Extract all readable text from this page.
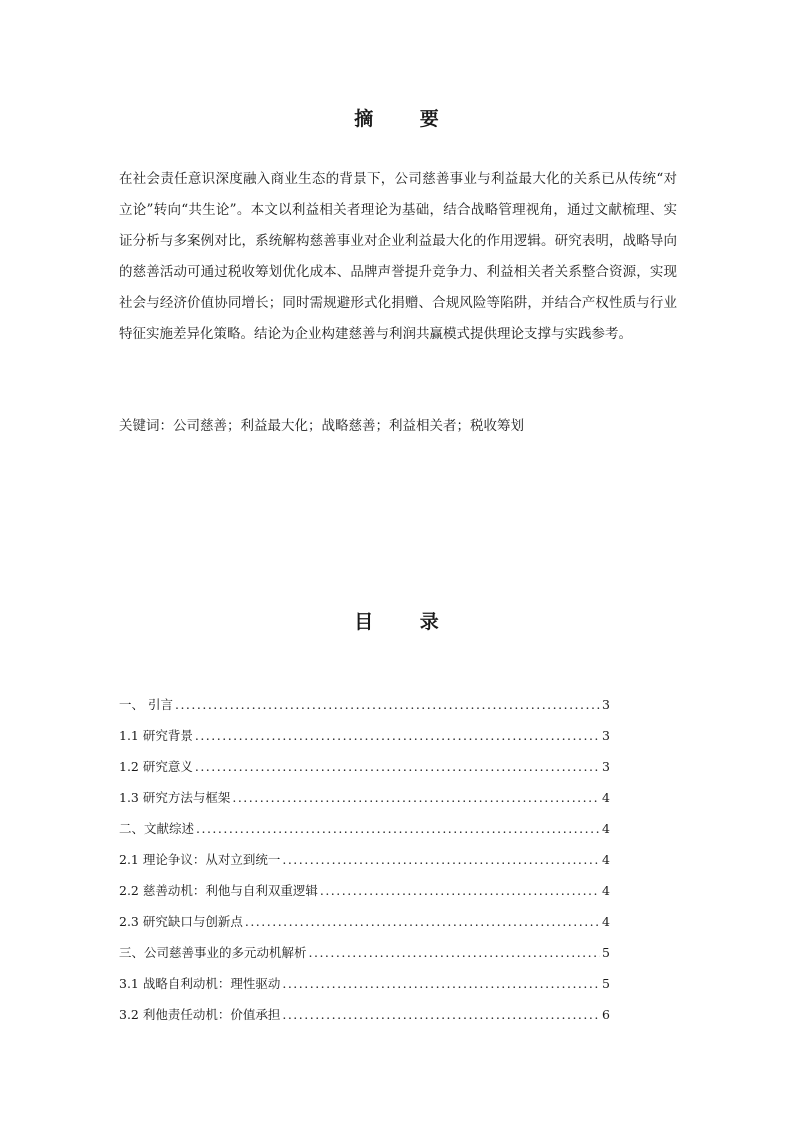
摘 要
在社会责任意识深度融入商业生态的背景下，公司慈善事业与利益最大化的关系已从传统“对立论”转向“共生论”。本文以利益相关者理论为基础，结合战略管理视角，通过文献梳理、实证分析与多案例对比，系统解构慈善事业对企业利益最大化的作用逻辑。研究表明，战略导向的慈善活动可通过税收筹划优化成本、品牌声誉提升竞争力、利益相关者关系整合资源，实现社会与经济价值协同增长；同时需规避形式化捐赠、合规风险等陷阱，并结合产权性质与行业特征实施差异化策略。结论为企业构建慈善与利润共赢模式提供理论支撑与实践参考。
关键词：公司慈善；利益最大化；战略慈善；利益相关者；税收筹划
目 录
一、 引言 .....	3
1.1 研究背景 .....	3
1.2 研究意义 .....	3
1.3 研究方法与框架 .....	4
二、文献综述 .....	4
2.1 理论争议：从对立到统一 .....	4
2.2 慈善动机：利他与自利双重逻辑 .....	4
2.3 研究缺口与创新点 .....	4
三、公司慈善事业的多元动机解析 .....	5
3.1 战略自利动机：理性驱动 .....	5
3.2 利他责任动机：价值承担 .....	6
